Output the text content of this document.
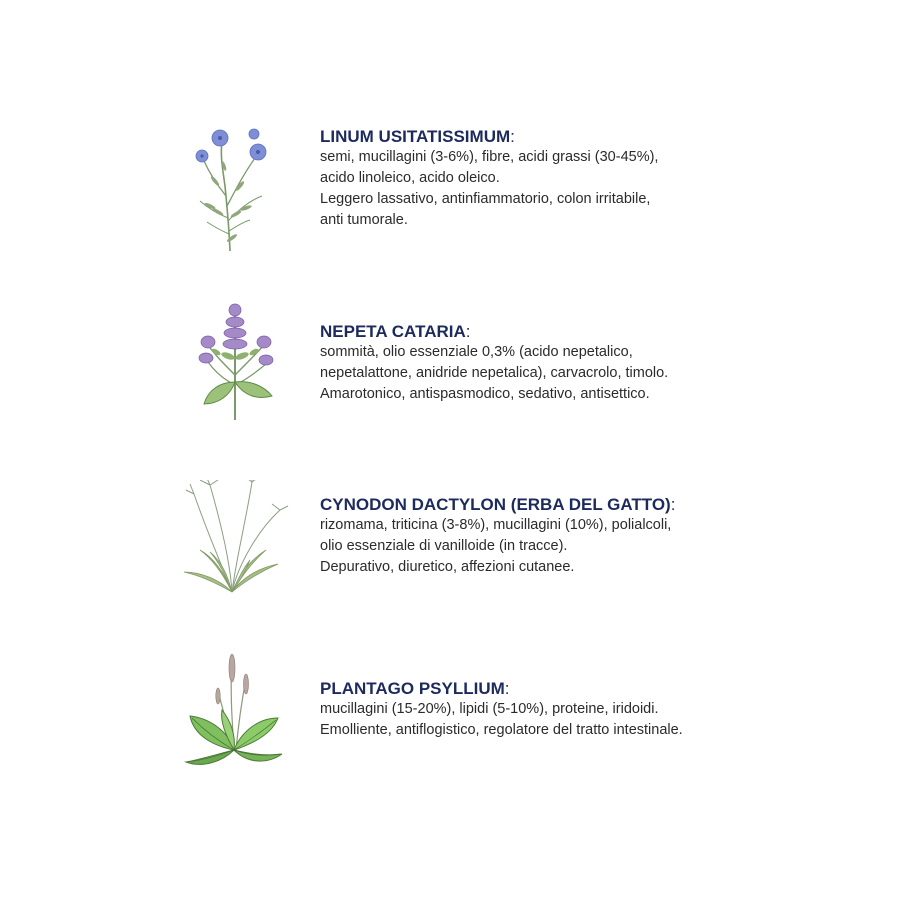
LINUM USITATISSIMUM:
semi, mucillagini (3-6%), fibre, acidi grassi (30-45%),
acido linoleico, acido oleico.
Leggero lassativo, antinfiammatorio, colon irritabile,
anti tumorale.
NEPETA CATARIA:
sommità, olio essenziale 0,3% (acido nepetalico,
nepetalattone, anidride nepetalica), carvacrolo, timolo.
Amarotonico, antispasmodico, sedativo, antisettico.
CYNODON DACTYLON (ERBA DEL GATTO):
rizomama, triticina (3-8%), mucillagini (10%), polialcoli,
olio essenziale di vanilloide (in tracce).
Depurativo, diuretico, affezioni cutanee.
PLANTAGO PSYLLIUM:
mucillagini (15-20%), lipidi (5-10%), proteine, iridoidi.
Emolliente, antiflogistico, regolatore del tratto intestinale.
